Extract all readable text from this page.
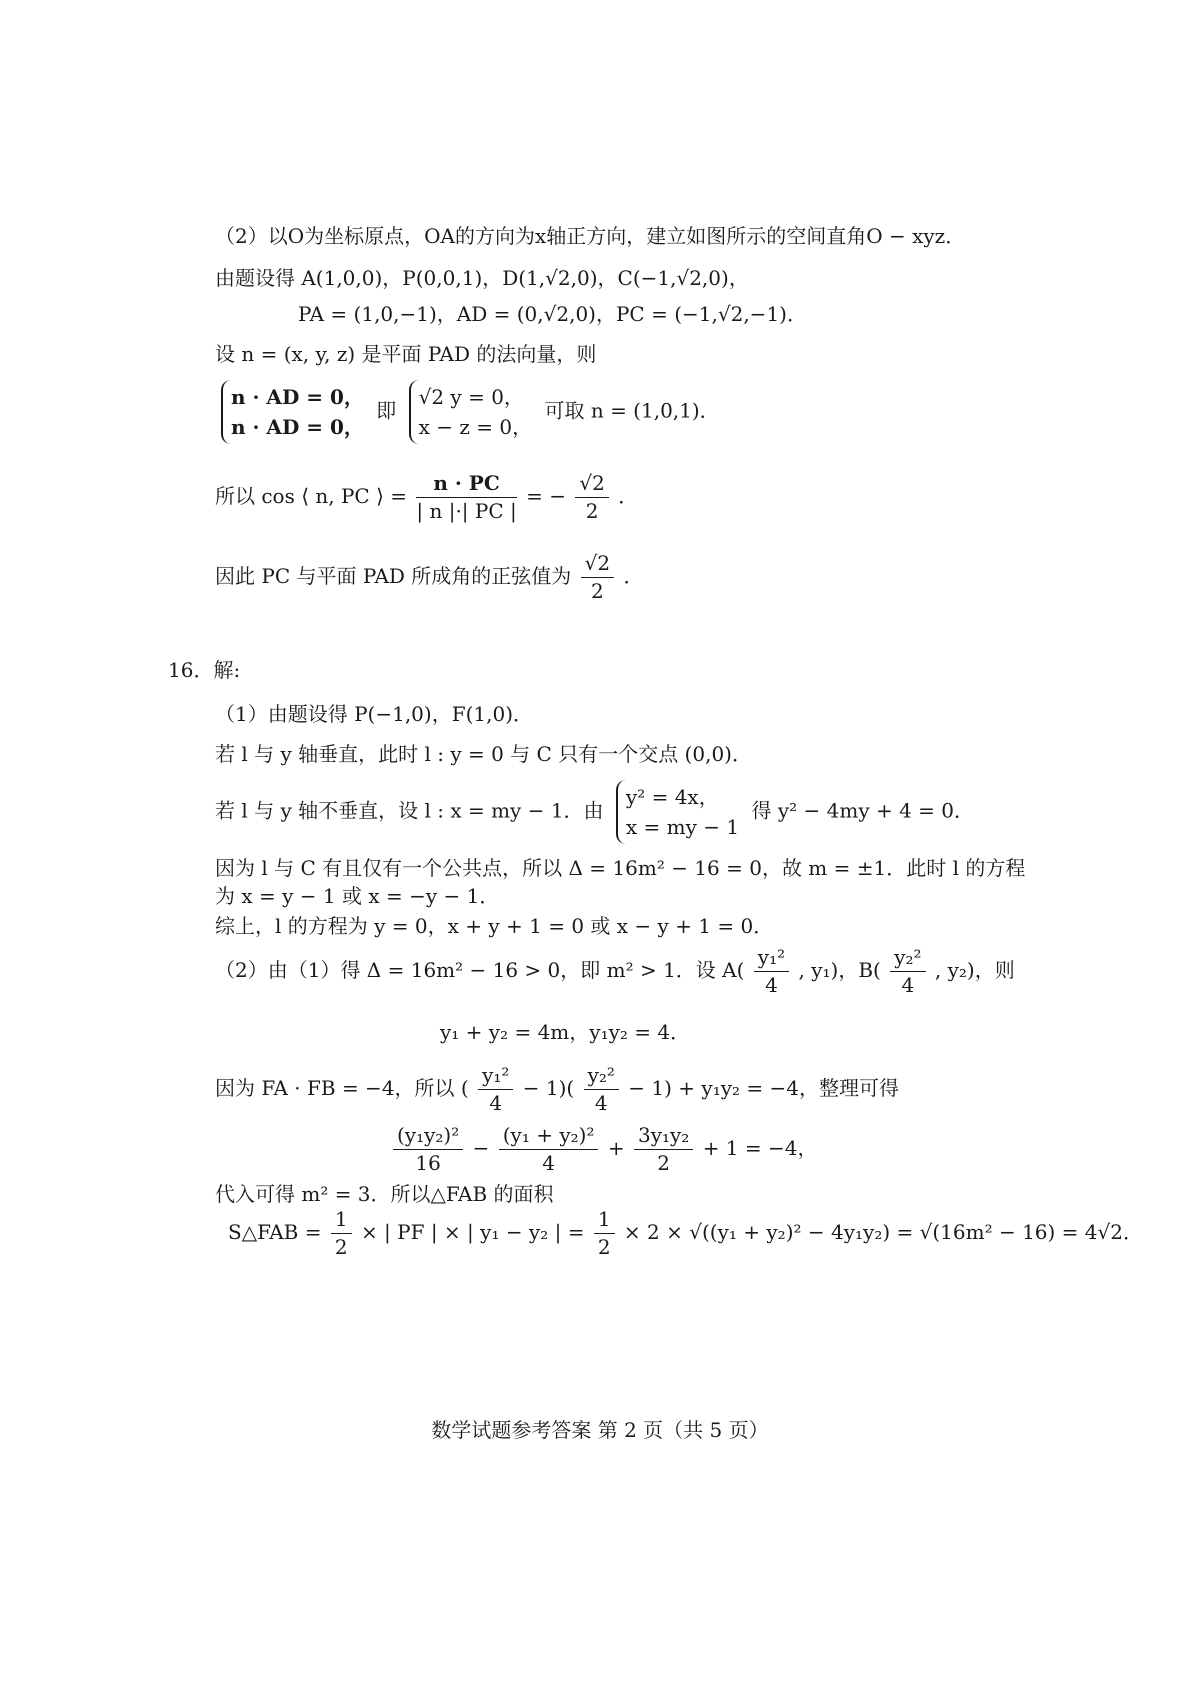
（2）以O为坐标原点，OA的方向为x轴正方向，建立如图所示的空间直角O − xyz．
由题设得 A(1,0,0)，P(0,0,1)，D(1,√2,0)，C(−1,√2,0)，
PA = (1,0,−1)，AD = (0,√2,0)，PC = (−1,√2,−1)．
设 n = (x, y, z) 是平面 PAD 的法向量，则
n · AD = 0，
n · AD = 0，
即
√2 y = 0，
x − z = 0，
可取 n = (1,0,1)．
所以 cos ⟨ n, PC ⟩ = $\frac{n \cdot PC}{| n |\cdot| PC |}$ = − $\frac{√2}{2}$ ．
因此 PC 与平面 PAD 所成角的正弦值为 $\frac{√2}{2}$ ．
16．解:
（1）由题设得 P(−1,0)，F(1,0)．
若 l 与 y 轴垂直，此时 l : y = 0 与 C 只有一个交点 (0,0)．
若 l 与 y 轴不垂直，设 l : x = my − 1．由
y² = 4x，
x = my − 1
得 y² − 4my + 4 = 0．
因为 l 与 C 有且仅有一个公共点，所以 Δ = 16m² − 16 = 0，故 m = ±1．此时 l 的方程
为 x = y − 1 或 x = −y − 1．
综上，l 的方程为 y = 0，x + y + 1 = 0 或 x − y + 1 = 0．
（2）由（1）得 Δ = 16m² − 16 > 0，即 m² > 1．设 $A( \frac{\text{y₁²}}{4}$ , y₁)，$B( \frac{\text{y₂²}}{4}$ , y₂)，则
y₁ + y₂ = 4m，y₁y₂ = 4．
因为 FA · FB = −4，所以 ( $\frac{\text{y₁²}}{4} - 1)( \frac{\text{y₂²}}{4} - 1) + y_1y_2 = -4$，整理可得
$\frac{\text{(y₁y₂)²}}{16} - \frac{\text{(y₁ + y₂)²}}{4} + \frac{\text{3y₁y₂}}{2} + 1 = -4$，
代入可得 m² = 3．所以△FAB 的面积
S△FAB = $\frac{1}{2}$ × | PF | × | y₁ − y₂ | = $\frac{1}{2} \times 2 \times √((y_1 + y_2)^2 - 4y_1y_2) = √(16m^2 - 16) = 4√2$．
数学试题参考答案 第 2 页（共 5 页）
